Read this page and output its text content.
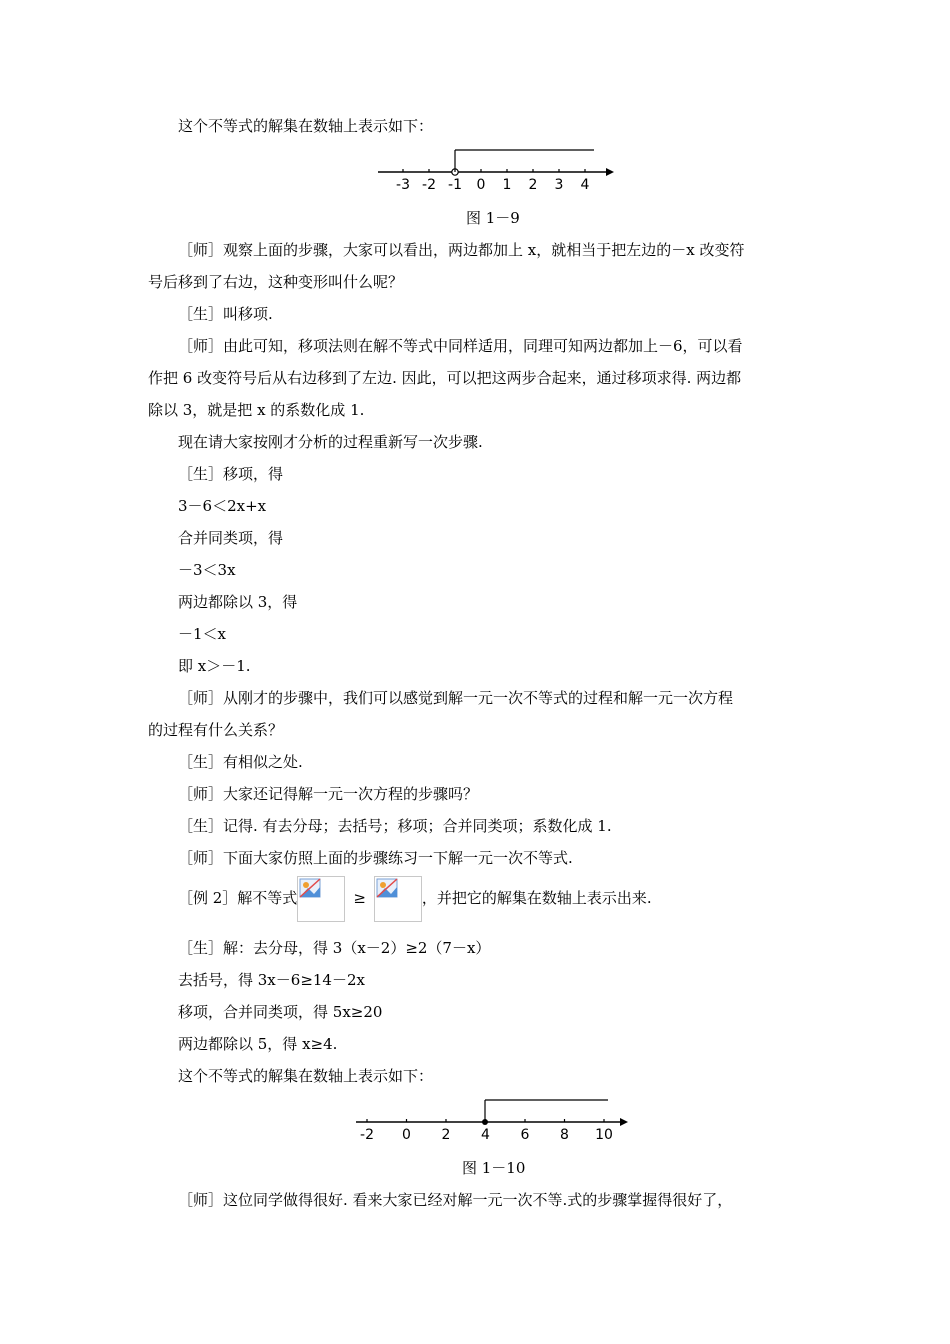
这个不等式的解集在数轴上表示如下：
-3 -2 -1 0 1 2 3 4
图 1－9
［师］观察上面的步骤，大家可以看出，两边都加上 x，就相当于把左边的－x 改变符
号后移到了右边，这种变形叫什么呢？
［生］叫移项.
［师］由此可知，移项法则在解不等式中同样适用，同理可知两边都加上－6，可以看
作把 6 改变符号后从右边移到了左边. 因此，可以把这两步合起来，通过移项求得. 两边都
除以 3，就是把 x 的系数化成 1.
现在请大家按刚才分析的过程重新写一次步骤.
［生］移项，得
3－6＜2x+x
合并同类项，得
－3＜3x
两边都除以 3，得
－1＜x
即 x＞－1.
［师］从刚才的步骤中，我们可以感觉到解一元一次不等式的过程和解一元一次方程
的过程有什么关系？
［生］有相似之处.
［师］大家还记得解一元一次方程的步骤吗？
［生］记得. 有去分母；去括号；移项；合并同类项；系数化成 1.
［师］下面大家仿照上面的步骤练习一下解一元一次不等式.
［例 2］解不等式	≥	，并把它的解集在数轴上表示出来.
［生］解：去分母，得 3（x－2）≥2（7－x）
去括号，得 3x－6≥14－2x
移项，合并同类项，得 5x≥20
两边都除以 5，得 x≥4.
这个不等式的解集在数轴上表示如下：
-2 0 2 4 6 8 10
图 1－10
［师］这位同学做得很好. 看来大家已经对解一元一次不等.式的步骤掌握得很好了，
